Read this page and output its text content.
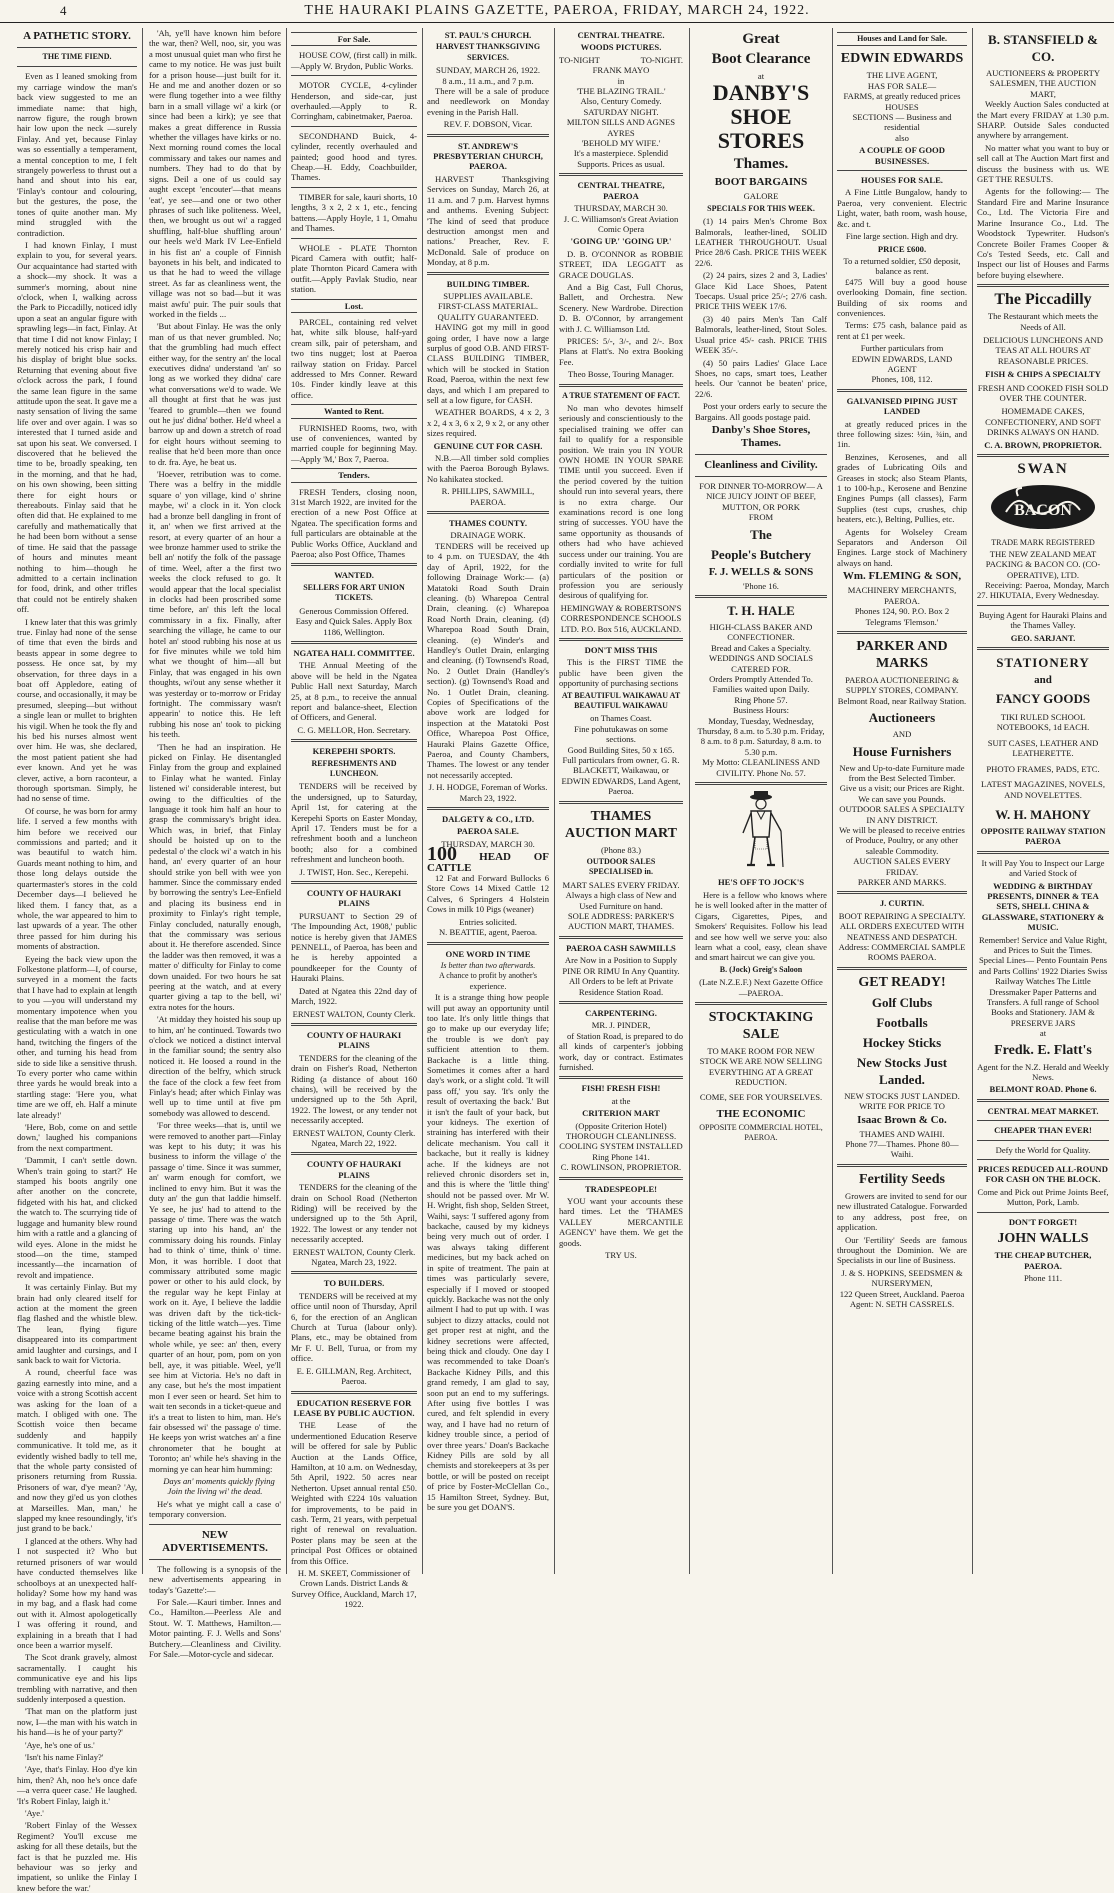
4	THE HAURAKI PLAINS GAZETTE, PAEROA, FRIDAY, MARCH 24, 1922.
A PATHETIC STORY.
THE TIME FIEND.

Even as I leaned smoking from my carriage window the man's back view suggested to me an immediate name: that high, narrow figure, the rough brown hair low upon the neck —surely Finlay. And yet, because Finlay was so essentially a temperament, a mental conception to me, I felt strangely powerless to thrust out a hand and shout into his ear, 'Finlay's contour and colouring, but the gestures, the pose, the tones of quite another man. My mind struggled with the contradiction.

I had known Finlay, I must explain to you, for several years. Our acquaintance had started with a shock—my shock. It was a summer's morning, about nine o'clock, when I, walking across the Park to Piccadilly, noticed idly upon a seat an angular figure with sprawling legs—in fact, Finlay. At that time I did not know Finlay; I merely noticed his crisp hair and his display of bright blue socks. Returning that evening about five o'clock across the park, I found the same lean figure in the same attitude upon the seat. It gave me a nasty sensation of living the same life over and over again. I was so interested that I turned aside and sat upon his seat. We conversed. I discovered that he believed the time to be, broadly speaking, ten in the morning, and that he had, on his own showing, been sitting there for eight hours or thereabouts. Finlay said that he often did that. He explained to me carefully and mathematically that he had been born without a sense of time. He said that the passage of hours and minutes meant nothing to him—though he admitted to a certain inclination for food, drink, and other trifles that could not be entirely shaken off.

I knew later that this was grimly true. Finlay had none of the sense of time that even the birds and beasts appear in some degree to possess. He once sat, by my observation, for three days in a boat off Appledore, eating of course, and occasionally, it may be presumed, sleeping—but without a single lean or mullet to brighten his vigil. When he took the fly and his bed his nurses almost went over him. He was, she declared, the most patient patient she had ever known. And yet he was clever, active, a born raconteur, a thorough sportsman. Simply, he had no sense of time.

Of course, he was born for army life. I served a few months with him before we received our commissions and parted; and it was beautiful to watch him. Guards meant nothing to him, and those long delays outside the quartermaster's stores in the cold December days—I believed he liked them. I fancy that, as a whole, the war appeared to him to last upwards of a year. The other three passed for him during his moments of abstraction.

Eyeing the back view upon the Folkestone platform—I, of course, surveyed in a moment the facts that I have had to explain at length to you —you will understand my momentary impotence when you realise that the man before me was gesticulating with a watch in one hand, twitching the fingers of the other, and turning his head from side to side like a sensitive thrush. To every porter who came within three yards he would break into a startling stage: 'Here you, what time are we off, eh. Half a minute late already!'

'Here, Bob, come on and settle down,' laughed his companions from the next compartment.

'Dammit, I can't settle down. When's train going to start?' He stamped his boots angrily one after another on the concrete, fidgeted with his hat, and clicked the watch to. The scurrying tide of luggage and humanity blew round him with a rattle and a glancing of wild eyes. Alone in the midst he stood—on the time, stamped incessantly—the incarnation of revolt and impatience.

It was certainly Finlay. But my brain had only cleared itself for action at the moment the green flag flashed and the whistle blew. The lean, flying figure disappeared into its compartment amid laughter and cursings, and I sank back to wait for Victoria.

A round, cheerful face was gazing earnestly into mine, and a voice with a strong Scottish accent was asking for the loan of a match. I obliged with one. The Scottish voice then became suddenly and happily communicative. It told me, as it evidently wished badly to tell me, that the whole party consisted of prisoners returning from Russia. Prisoners of war, d'ye mean? 'Ay, and now they gi'ed us yon clothes at Marseilles. Man, man,' he slapped my knee resoundingly, 'it's just grand to be back.'

I glanced at the others. Why had I not suspected it? Who but returned prisoners of war would have conducted themselves like schoolboys at an unexpected half-holiday? Some how my hand was in my bag, and a flask had come out with it. Almost apologetically I was offering it round, and explaining in a breath that I had once been a warrior myself.

The Scot drank gravely, almost sacramentally. I caught his communicative eye and his lips trembling with narrative, and then suddenly interposed a question.

'That man on the platform just now, I—the man with his watch in his hand—is he of your party?'

'Aye, he's one of us.'

'Isn't his name Finlay?'

'Aye, that's Finlay. Hoo d'ye kin him, then? Ah, noo he's once dafe —a verra queer case.' He laughed. 'It's Robert Finlay, laigh it.'

'Aye.'

'Robert Finlay of the Wessex Regiment? You'll excuse me asking for all these details, but the fact is that he puzzled me. His behaviour was so jerky and impatient, so unlike the Finlay I knew before the war.'

'Ah, ye'll have known him before the war, then? Well, noo, sir, you was a most unusual quiet man who first he came to my notice. He was just built for a prison house—just built for it. He and me and another dozen or so were flung together into a wee filthy barn in a small village wi' a kirk (or since had been a kirk); ye see that makes a great difference in Russia whether the villages have kirks or no. Next morning round comes the local commissary and takes our names and numbers. They had to do that by signs. Deil a one of us could say aught except 'encouter'—that means 'eat', ye see—and one or two other phrases of such like politeness. Weel, then, we brought us out wi' a ragged shuffling, half-blue shuffling aroun' our heels we'd Mark IV Lee-Enfield in his fist an' a couple of Finnish bayonets in his belt, and indicated to us that he had to weed the village street. As far as cleanliness went, the village was not so bad—but it was maist awfu' puir. The puir souls that worked in the fields ...

'But about Finlay. He was the only man of us that never grumbled. No; that the grumbling had much effect either way, for the sentry an' the local executives didna' understand 'an' so long as we worked they didna' care what conversations we'd to wade. We all thought at first that he was just 'feared to grumble—then we found out he jus' didna' bother. He'd wheel a barrow up and down a stretch of road for eight hours without seeming to realise that he'd been more than once to dr. fra. Aye, he beat us.

'Hoever, retribution was to come. There was a belfry in the middle square o' yon village, kind o' shrine maybe, wi' a clock in it. Yon clock had a bronze bell dangling in front of it, an' when we first arrived at the resort, at every quarter of an hour a wee bronze hammer used to strike the bell an' notify the folk of the passage of time. Weel, after a the first two weeks the clock refused to go. It would appear that the local specialist in clocks had been proscribed some time before, an' this left the local commissary in a fix. Finally, after searching the village, he came to our hotel an' stood rubbing his nose at us for five minutes while we told him what we thought of him—all but Finlay, that was engaged in his own thoughts, wi'out any sense whether it was yesterday or to-morrow or Friday fortnight. The commissary wasn't appearin' to notice this. He left rubbing his nose an' took to picking his teeth.

'Then he had an inspiration. He picked on Finlay. He disentangled Finlay from the group and explained to Finlay what he wanted. Finlay listened wi' considerable interest, but owing to the difficulties of the language it took him half an hour to grasp the commissary's bright idea. Which was, in brief, that Finlay should be hoisted up on to the pedestal o' the clock wi' a watch in his hand, an' every quarter of an hour should strike yon bell with wee yon hammer. Since the commissary ended by borrowing the sentry's Lee-Enfield and placing its business end in proximity to Finlay's right temple, Finlay concluded, naturally enough, that the commissary was serious about it. He therefore ascended. Since the ladder was then removed, it was a matter o' difficulty for Finlay to come down unaided. For two hours he sat peering at the watch, and at every quarter giving a tap to the bell, wi' extra notes for the hours.

'At midday they hoisted his soup up to him, an' he continued. Towards two o'clock we noticed a distinct interval in the familiar sound; the sentry also noticed it. He loosed a round in the direction of the belfry, which struck the face of the clock a few feet from Finlay's head; after which Finlay was well up to time until at five pm somebody was allowed to descend.

'For three weeks—that is, until we were removed to another part—Finlay was kept to his duty; it was his business to inform the village o' the passage o' time. Since it was summer, an' warm enough for comfort, we inclined to envy him. But it was the duty an' the gun that laddie himself. Ye see, he jus' had to attend to the passage o' time. There was the watch staring up into his hand, an' the commissary doing his rounds. Finlay had to think o' time, think o' time. Mon, it was horrible. I doot that commissary attributed some magic power or other to his auld clock, by the regular way he kept Finlay at work on it. Aye, I believe the laddie was driven daft by the tick-tick-ticking of the little watch—yes. Time became beating against his brain the whole while, ye see: an' then, every quarter of an hour, pom, pom on yon bell, aye, it was pitiable. Weel, ye'll see him at Victoria. He's no daft in any case, but he's the most impatient mon I ever seen or heard. Set him to wait ten seconds in a ticket-queue and it's a treat to listen to him, man. He's fair obsessed wi' the passage o' time. He keeps yon wrist watches an' a fine chronometer that he bought at Toronto; an' while he's shaving in the morning ye can hear him humming:

Days an' moments quickly flying Join the living wi' the dead.

He's what ye might call a case o' temporary conversion.

NEW ADVERTISEMENTS.

The following is a synopsis of the new advertisements appearing in today's 'Gazette':—

For Sale.—Kauri timber. Innes and Co., Hamilton.—Peerless Ale and Stout. W. T. Matthews, Hamilton.—Motor painting. F. J. Wells and Sons' Butchery.—Cleanliness and Civility. For Sale.—Motor-cycle and sidecar.

For Sale.

HOUSE COW, (first call) in milk.—Apply W. Brydon, Public Works.

MOTOR CYCLE, 4-cylinder Henderson, and side-car, just overhauled.—Apply to R. Corringham, cabinetmaker, Paeroa.

SECONDHAND Buick, 4-cylinder, recently overhauled and painted; good hood and tyres. Cheap.—H. Eddy, Coachbuilder, Thames.

TIMBER for sale, kauri shorts, 10 lengths, 3 x 2, 2 x 1, etc., fencing battens.—Apply Hoyle, 1 1, Omahu and Thames.

WHOLE - PLATE Thornton Picard Camera with outfit; half-plate Thornton Picard Camera with outfit.—Apply Pavlak Studio, near station.

Lost.

PARCEL, containing red velvet hat, white silk blouse, half-yard cream silk, pair of petersham, and two tins nugget; lost at Paeroa railway station on Friday. Parcel addressed to Mrs Conner. Reward 10s. Finder kindly leave at this office.

Wanted to Rent.

FURNISHED Rooms, two, with use of conveniences, wanted by married couple for beginning May.—Apply 'M,' Box 7, Paeroa.

Tenders.

FRESH Tenders, closing noon, 31st March 1922, are invited for the erection of a new Post Office at Ngatea. The specification forms and full particulars are obtainable at the Public Works Office, Auckland and Paeroa; also Post Office, Thames

WANTED.
SELLERS FOR ART UNION TICKETS.
Generous Commission Offered. Easy and Quick Sales. Apply Box 1186, Wellington.
NGATEA HALL COMMITTEE.

THE Annual Meeting of the above will be held in the Ngatea Public Hall next Saturday, March 25, at 8 p.m., to receive the annual report and balance-sheet, Election of Officers, and General.

C. G. MELLOR, Hon. Secretary.
KEREPEHI SPORTS.
REFRESHMENTS AND LUNCHEON.

TENDERS will be received by the undersigned, up to Saturday, April 1st, for catering at the Kerepehi Sports on Easter Monday, April 17. Tenders must be for a refreshment booth and a luncheon booth; also for a combined refreshment and luncheon booth.

J. TWIST, Hon. Sec., Kerepehi.
COUNTY OF HAURAKI PLAINS

PURSUANT to Section 29 of 'The Impounding Act, 1908,' public notice is hereby given that JAMES PENNELL, of Paeroa, has been and he is hereby appointed a poundkeeper for the County of Hauraki Plains.

Dated at Ngatea this 22nd day of March, 1922.

ERNEST WALTON, County Clerk.
COUNTY OF HAURAKI PLAINS

TENDERS for the cleaning of the drain on Fisher's Road, Netherton Riding (a distance of about 160 chains), will be received by the undersigned up to the 5th April, 1922. The lowest, or any tender not necessarily accepted.

ERNEST WALTON, County Clerk. Ngatea, March 22, 1922.
COUNTY OF HAURAKI PLAINS

TENDERS for the cleaning of the drain on School Road (Netherton Riding) will be received by the undersigned up to the 5th April, 1922. The lowest or any tender not necessarily accepted.

ERNEST WALTON, County Clerk. Ngatea, March 23, 1922.
TO BUILDERS.

TENDERS will be received at my office until noon of Thursday, April 6, for the erection of an Anglican Church at Turua (labour only). Plans, etc., may be obtained from Mr F. U. Bell, Turua, or from my office.

E. E. GILLMAN, Reg. Architect, Paeroa.
EDUCATION RESERVE FOR LEASE BY PUBLIC AUCTION.

THE Lease of the undermentioned Education Reserve will be offered for sale by Public Auction at the Lands Office, Hamilton, at 10 a.m. on Wednesday, 5th April, 1922. 50 acres near Netherton. Upset annual rental £50. Weighted with £224 10s valuation for improvements, to be paid in cash. Term, 21 years, with perpetual right of renewal on revaluation. Poster plans may be seen at the principal Post Offices or obtained from this Office.

H. M. SKEET, Commissioner of Crown Lands. District Lands & Survey Office, Auckland, March 17, 1922.
ST. PAUL'S CHURCH.
HARVEST THANKSGIVING SERVICES.
SUNDAY, MARCH 26, 1922.
8 a.m., 11 a.m., and 7 p.m.

There will be a sale of produce and needlework on Monday evening in the Parish Hall.

REV. F. DOBSON, Vicar.
ST. ANDREW'S PRESBYTERIAN CHURCH, PAEROA.

HARVEST Thanksgiving Services on Sunday, March 26, at 11 a.m. and 7 p.m. Harvest hymns and anthems. Evening Subject: 'The kind of seed that produce destruction amongst men and nations.' Preacher, Rev. F. McDonald. Sale of produce on Monday, at 8 p.m.

BUILDING TIMBER.
SUPPLIES AVAILABLE.
FIRST-CLASS MATERIAL. QUALITY GUARANTEED.

HAVING got my mill in good going order, I have now a large surplus of good O.B. AND FIRST-CLASS BUILDING TIMBER, which will be stocked in Station Road, Paeroa, within the next few days, and which I am prepared to sell at a low figure, for CASH.

WEATHER BOARDS, 4 x 2, 3 x 2, 4 x 3, 6 x 2, 9 x 2, or any other sizes required.

GENUINE CUT FOR CASH.

N.B.—All timber sold complies with the Paeroa Borough Bylaws. No kahikatea stocked.

R. PHILLIPS, SAWMILL, PAEROA.
THAMES COUNTY.
DRAINAGE WORK.

TENDERS will be received up to 4 p.m. on TUESDAY, the 4th day of April, 1922, for the following Drainage Work:— (a) Matatoki Road South Drain cleaning. (b) Wharepoa Central Drain, cleaning. (c) Wharepoa Road North Drain, cleaning. (d) Wharepoa Road South Drain, cleaning. (e) Winder's and Handley's Outlet Drain, enlarging and cleaning. (f) Townsend's Road, No. 2 Outlet Drain (Handley's section). (g) Townsend's Road and No. 1 Outlet Drain, cleaning. Copies of Specifications of the above work are lodged for inspection at the Matatoki Post Office, Wharepoa Post Office, Hauraki Plains Gazette Office, Paeroa, and County Chambers, Thames. The lowest or any tender not necessarily accepted.

J. H. HODGE, Foreman of Works. March 23, 1922.
DALGETY & CO., LTD.
PAEROA SALE.
THURSDAY, MARCH 30.
100 HEAD OF CATTLE

12 Fat and Forward Bullocks 6 Store Cows 14 Mixed Cattle 12 Calves, 6 Springers 4 Holstein Cows in milk 10 Pigs (weaner)

Entries solicited.
N. BEATTIE, agent, Paeroa.
ONE WORD IN TIME
Is better than two afterwards.
A chance to profit by another's experience.

It is a strange thing how people will put away an opportunity until too late. It's only little things that go to make up our everyday life; the trouble is we don't pay sufficient attention to them. Backache is a little thing. Sometimes it comes after a hard day's work, or a slight cold. 'It will pass off,' you say. 'It's only the result of overtaxing the back.' But it isn't the fault of your back, but your kidneys. The exertion of straining has interfered with their delicate mechanism. You call it backache, but it really is kidney ache. If the kidneys are not relieved chronic disorders set in, and this is where the 'little thing' should not be passed over. Mr W. H. Wright, fish shop, Selden Street, Waihi, says: 'I suffered agony from backache, caused by my kidneys being very much out of order. I was always taking different medicines, but my back ached on in spite of treatment. The pain at times was particularly severe, especially if I moved or stooped quickly. Backache was not the only ailment I had to put up with. I was subject to dizzy attacks, could not get proper rest at night, and the kidney secretions were affected, being thick and cloudy. One day I was recommended to take Doan's Backache Kidney Pills, and this grand remedy, I am glad to say, soon put an end to my sufferings. After using five bottles I was cured, and felt splendid in every way, and I have had no return of kidney trouble since, a period of over three years.' Doan's Backache Kidney Pills are sold by all chemists and storekeepers at 3s per bottle, or will be posted on receipt of price by Foster-McClellan Co., 15 Hamilton Street, Sydney. But, be sure you get DOAN'S.

CENTRAL THEATRE.
WOODS PICTURES.
TO-NIGHT	TO-NIGHT.
FRANK MAYO
in
'THE BLAZING TRAIL.'
Also, Century Comedy.
SATURDAY NIGHT.
MILTON SILLS AND AGNES AYRES
'BEHOLD MY WIFE.'
It's a masterpiece. Splendid Supports. Prices as usual.
CENTRAL THEATRE, PAEROA
THURSDAY, MARCH 30.
J. C. Williamson's Great Aviation Comic Opera
'GOING UP.' 'GOING UP.'

D. B. O'CONNOR as ROBBIE STREET, IDA LEGGATT as GRACE DOUGLAS.

And a Big Cast, Full Chorus, Ballett, and Orchestra. New Scenery. New Wardrobe. Direction D. B. O'Connor, by arrangement with J. C. Williamson Ltd.

PRICES: 5/-, 3/-, and 2/-. Box Plans at Flatt's. No extra Booking Fee.

Theo Bosse, Touring Manager.
A TRUE STATEMENT OF FACT.

No man who devotes himself seriously and conscientiously to the specialised training we offer can fail to qualify for a responsible position. We train you IN YOUR OWN HOME IN YOUR SPARE TIME until you succeed. Even if the period covered by the tuition should run into several years, there is no extra charge. Our examinations record is one long string of successes. YOU have the same opportunity as thousands of others had who have achieved success under our training. You are cordially invited to write for full particulars of the position or profession you are seriously desirous of qualifying for.

HEMINGWAY & ROBERTSON'S CORRESPONDENCE SCHOOLS LTD. P.O. Box 516, AUCKLAND.
DON'T MISS THIS

This is the FIRST TIME the public have been given the opportunity of purchasing sections

AT BEAUTIFUL WAIKAWAU AT BEAUTIFUL WAIKAWAU
on Thames Coast.
Fine pohutukawas on some sections.
Good Building Sites, 50 x 165.
Full particulars from owner, G. R. BLACKETT, Waikawau, or EDWIN EDWARDS, Land Agent, Paeroa.
THAMES AUCTION MART
(Phone 83.)
OUTDOOR SALES SPECIALISED in.
MART SALES EVERY FRIDAY. Always a high class of New and Used Furniture on hand.
SOLE ADDRESS: PARKER'S AUCTION MART, THAMES.
PAEROA CASH SAWMILLS
Are Now in a Position to Supply PINE OR RIMU In Any Quantity.
All Orders to be left at Private Residence Station Road.
CARPENTERING.
MR. J. PINDER,

of Station Road, is prepared to do all kinds of carpenter's jobbing work, day or contract. Estimates furnished.

FISH! FRESH FISH!
at the
CRITERION MART
(Opposite Criterion Hotel)
THOROUGH CLEANLINESS.
COOLING SYSTEM INSTALLED
Ring Phone 141.
C. ROWLINSON, PROPRIETOR.
TRADESPEOPLE!

YOU want your accounts these hard times. Let the 'THAMES VALLEY MERCANTILE AGENCY' have them. We get the goods.

TRY US.
Great
Boot Clearance
at
DANBY'S SHOE STORES
Thames.
BOOT BARGAINS
GALORE
SPECIALS FOR THIS WEEK.

(1) 14 pairs Men's Chrome Box Balmorals, leather-lined, SOLID LEATHER THROUGHOUT. Usual Price 28/6 Cash. PRICE THIS WEEK 22/6.

(2) 24 pairs, sizes 2 and 3, Ladies' Glace Kid Lace Shoes, Patent Toecaps. Usual price 25/-; 27/6 cash. PRICE THIS WEEK 17/6.

(3) 40 pairs Men's Tan Calf Balmorals, leather-lined, Stout Soles. Usual price 45/- cash. PRICE THIS WEEK 35/-.

(4) 50 pairs Ladies' Glace Lace Shoes, no caps, smart toes, Leather heels. Our 'cannot be beaten' price, 22/6.

Post your orders early to secure the Bargains. All goods postage paid.

Danby's Shoe Stores, Thames.
Cleanliness and Civility.
FOR DINNER TO-MORROW— A NICE JUICY JOINT OF BEEF, MUTTON, OR PORK
FROM
The
People's Butchery
F. J. WELLS & SONS
'Phone 16.
T. H. HALE
HIGH-CLASS BAKER AND CONFECTIONER.
Bread and Cakes a Specialty.
WEDDINGS AND SOCIALS CATERED FOR.
Orders Promptly Attended To.
Families waited upon Daily.
Ring Phone 57.
Business Hours:
Monday, Tuesday, Wednesday, Thursday, 8 a.m. to 5.30 p.m. Friday, 8 a.m. to 8 p.m. Saturday, 8 a.m. to 5.30 p.m.
My Motto: CLEANLINESS AND CIVILITY. Phone No. 57.
HE'S OFF TO JOCK'S

Here is a fellow who knows where he is well looked after in the matter of Cigars, Cigarettes, Pipes, and Smokers' Requisites. Follow his lead and see how well we serve you: also learn what a cool, easy, clean shave and smart haircut we can give you.

B. (Jock) Greig's Saloon
(Late N.Z.E.F.) Next Gazette Office—PAEROA.
STOCKTAKING SALE
TO MAKE ROOM FOR NEW STOCK WE ARE NOW SELLING EVERYTHING AT A GREAT REDUCTION.
COME, SEE FOR YOURSELVES.
THE ECONOMIC
OPPOSITE COMMERCIAL HOTEL, PAEROA.
Houses and Land for Sale.
EDWIN EDWARDS
THE LIVE AGENT,
HAS FOR SALE—
FARMS, at greatly reduced prices
HOUSES
SECTIONS — Business and residential
also
A COUPLE OF GOOD BUSINESSES.
HOUSES FOR SALE.

A Fine Little Bungalow, handy to Paeroa, very convenient. Electric Light, water, bath room, wash house, &c. and t.

Fine large section. High and dry.
PRICE £600.
To a returned soldier, £50 deposit, balance as rent.

£475 Will buy a good house overlooking Domain, fine section. Building of six rooms and conveniences.

Terms: £75 cash, balance paid as rent at £1 per week.

Further particulars from
EDWIN EDWARDS, LAND AGENT
Phones, 108, 112.
GALVANISED PIPING JUST LANDED

at greatly reduced prices in the three following sizes: ½in, ¾in, and 1in.

Benzines, Kerosenes, and all grades of Lubricating Oils and Greases in stock; also Steam Plants, 1 to 100-h.p., Kerosene and Benzine Engines Pumps (all classes), Farm Supplies (test cups, crushes, chip heaters, etc.), Belting, Pullies, etc.

Agents for Wolseley Cream Separators and Anderson Oil Engines. Large stock of Machinery always on hand.

Wm. FLEMING & SON,
MACHINERY MERCHANTS, PAEROA.
Phones 124, 90. P.O. Box 2 Telegrams 'Flemson.'
PARKER AND MARKS
PAEROA AUCTIONEERING & SUPPLY STORES, COMPANY.
Belmont Road, near Railway Station.
Auctioneers
AND
House Furnishers
New and Up-to-date Furniture made from the Best Selected Timber.
Give us a visit; our Prices are Right. We can save you Pounds.
OUTDOOR SALES A SPECIALTY IN ANY DISTRICT.
We will be pleased to receive entries of Produce, Poultry, or any other saleable Commodity.
AUCTION SALES EVERY FRIDAY.
PARKER AND MARKS.
J. CURTIN.
BOOT REPAIRING A SPECIALTY.
ALL ORDERS EXECUTED WITH NEATNESS AND DESPATCH.
Address: COMMERCIAL SAMPLE ROOMS PAEROA.
GET READY!
Golf Clubs
Footballs
Hockey Sticks
New Stocks Just Landed.
NEW STOCKS JUST LANDED.
WRITE FOR PRICE TO
Isaac Brown & Co.
THAMES AND WAIHI.
Phone 77—Thames. Phone 80—Waihi.
Fertility Seeds

Growers are invited to send for our new illustrated Catalogue. Forwarded to any address, post free, on application.

Our 'Fertility' Seeds are famous throughout the Dominion. We are Specialists in our line of Business.

J. & S. HOPKINS, SEEDSMEN & NURSERYMEN,
122 Queen Street, Auckland. Paeroa Agent: N. SETH CASSRELS.
B. STANSFIELD & CO.
AUCTIONEERS & PROPERTY SALESMEN, THE AUCTION MART,

Weekly Auction Sales conducted at the Mart every FRIDAY at 1.30 p.m. SHARP. Outside Sales conducted anywhere by arrangement.

No matter what you want to buy or sell call at The Auction Mart first and discuss the business with us. WE GET THE RESULTS.

Agents for the following:— The Standard Fire and Marine Insurance Co., Ltd. The Victoria Fire and Marine Insurance Co., Ltd. The Woodstock Typewriter. Hudson's Concrete Boiler Frames Cooper & Co's Tested Seeds, etc. Call and Inspect our list of Houses and Farms before buying elsewhere.

The Piccadilly
The Restaurant which meets the Needs of All.
DELICIOUS LUNCHEONS AND TEAS AT ALL HOURS AT REASONABLE PRICES.
FISH & CHIPS A SPECIALTY
FRESH AND COOKED FISH SOLD OVER THE COUNTER.
HOMEMADE CAKES, CONFECTIONERY, AND SOFT DRINKS ALWAYS ON HAND.
C. A. BROWN, PROPRIETOR.
SWAN
BACON
TRADE MARK REGISTERED
THE NEW ZEALAND MEAT PACKING & BACON CO. (CO-OPERATIVE), LTD.

Receiving: Paeroa, Monday, March 27. HIKUTAIA, Every Wednesday.

Buying Agent for Hauraki Plains and the Thames Valley.
GEO. SARJANT.
STATIONERY
and
FANCY GOODS
TIKI RULED SCHOOL NOTEBOOKS, 1d EACH.
SUIT CASES, LEATHER AND LEATHERETTE.
PHOTO FRAMES, PADS, ETC.
LATEST MAGAZINES, NOVELS, AND NOVELETTES.
W. H. MAHONY
OPPOSITE RAILWAY STATION PAEROA
It will Pay You to Inspect our Large and Varied Stock of
WEDDING & BIRTHDAY PRESENTS, DINNER & TEA SETS, SHELL CHINA & GLASSWARE, STATIONERY & MUSIC.
Remember! Service and Value Right, and Prices to Suit the Times.
Special Lines— Pento Fountain Pens and Parts Collins' 1922 Diaries Swiss Railway Watches The Little Dressmaker Paper Patterns and Transfers. A full range of School Books and Stationery. JAM & PRESERVE JARS
at
Fredk. E. Flatt's
Agent for the N.Z. Herald and Weekly News.
BELMONT ROAD. Phone 6.
CENTRAL MEAT MARKET.
CHEAPER THAN EVER!
Defy the World for Quality.
PRICES REDUCED ALL-ROUND FOR CASH ON THE BLOCK.
Come and Pick out Prime Joints Beef, Mutton, Pork, Lamb.
DON'T FORGET!
JOHN WALLS
THE CHEAP BUTCHER, PAEROA.
Phone 111.
